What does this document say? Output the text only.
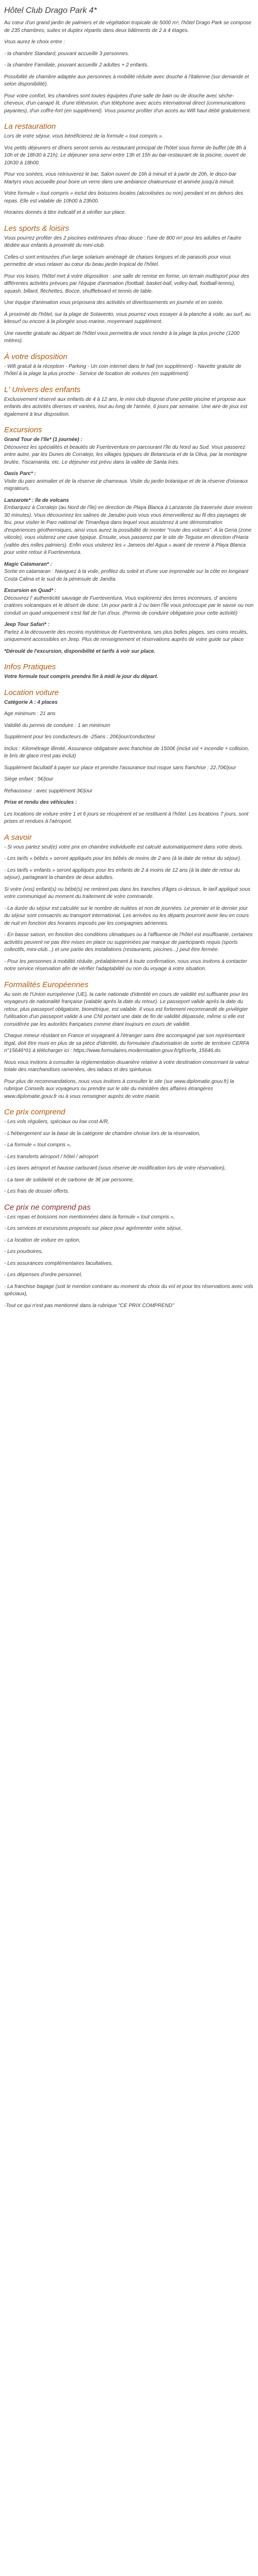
Hôtel Club Drago Park 4*

Au cœur d'un grand jardin de palmiers et de végétation tropicale de 5000 m², l'hôtel Drago Park se compose de 235 chambres, suites et duplex répartis dans deux bâtiments de 2 à 4 étages.

Vous aurez le choix entre :

- la chambre Standard, pouvant accueillir 3 personnes.

- la chambre Familiale, pouvant accueillir 2 adultes + 2 enfants.

Possibilité de chambre adaptée aux personnes à mobilité réduite avec douche à l'italienne (sur demande et selon disponibilité).

Pour votre confort, les chambres sont toutes équipées d'une salle de bain ou de douche avec sèche-cheveux, d'un canapé lit, d'une télévision, d'un téléphone avec accès international direct (communications payantes), d'un coffre-fort (en supplément). Vous pourrez profiter d'un accès au Wifi haut débit gratuitement.

La restauration

Lors de votre séjour, vous bénéficierez de la formule « tout compris ».

Vos petits déjeuners et dîners seront servis au restaurant principal de l'hôtel sous forme de buffet (de 8h à 10h et de 18h30 à 21h). Le déjeuner sera servi entre 13h et 15h au bar-restaurant de la piscine, ouvert de 10h30 à 18h00.

Pour vos soirées, vous retrouverez le bar, Salon ouvert de 16h à minuit et à partir de 20h, le disco-bar Martyrs vous accueille pour boire un verre dans une ambiance chaleureuse et animée jusqu'à minuit.

Votre formule « tout compris » inclut des boissons locales (alcoolisées ou non) pendant et en dehors des repas. Elle est valable de 10h00 à 23h00.

Horaires donnés à titre indicatif et à vérifier sur place.

Les sports & loisirs

Vous pourrez profiter des 2 piscines extérieures d'eau douce : l'une de 800 m² pour les adultes et l'autre dédiée aux enfants à proximité du mini-club.

Celles-ci sont entourées d'un large solarium aménagé de chaises longues et de parasols pour vous permettre de vous relaxer au cœur du beau jardin tropical de l'hôtel.

Pour vos loisirs, l'hôtel met à votre disposition : une salle de remise en forme, un terrain multisport pour des différentes activités prévues par l'équipe d'animation (football, basket-ball, volley-ball, football-tennis), squash, billard, fléchettes, Bocce, shuffleboard et tennis de table.

Une équipe d'animation vous proposera des activités et divertissements en journée et en soirée.

À proximité de l'hôtel, sur la plage de Sotavento, vous pourrez vous essayer à la planche à voile, au surf, au kitesurf ou encore à la plongée sous-marine, moyennant supplément.

Une navette gratuite au départ de l'hôtel vous permettra de vous rendre à la plage la plus proche (1200 mètres).

À votre disposition

- Wifi gratuit à la réception - Parking - Un coin internet dans le hall (en supplément) - Navette gratuite de l'hôtel à la plage la plus proche - Service de location de voitures (en supplément)

L' Univers des enfants

Exclusivement réservé aux enfants de 4 à 12 ans, le mini club dispose d'une petite piscine et propose aux enfants des activités diverses et variées, tout au long de l'année, 6 jours par semaine. Une aire de jeux est également à leur disposition.

Excursions

Grand Tour de l'île* (1 journée) :
Découvrez les spécialités et beautés de Fuerteventura en parcourant l'île du Nord au Sud. Vous passerez entre autre, par les Dunes de Corralejo, les villages typiques de Betancuria et de la Oliva, par la montagne brulée, Tiscamanita, etc. Le déjeuner est prévu dans la vallée de Santa Inès.

Oasis Parc* :
Visite du parc animalier et de la réserve de chameaux. Visite du jardin botanique et de la réserve d'oiseaux migrateurs.

Lanzarote* : île de volcans
Embarquez à Corralejo (au Nord de l'île) en direction de Playa Blanca à Lanzarote (la traversée dure environ 30 minutes). Vous découvrirez les salines de Janubio puis vous vous émerveillerez au fil des paysages de feu, pour visiter le Parc national de Timanfaya dans lequel vous assisterez à une démonstration d'expériences géothermiques, ainsi vous aurez la possibilité de monter "route des volcans". À la Geria (zone viticole), vous visiterez une cave typique. Ensuite, vous passerez par le site de Teguise en direction d'Haria (vallée des milles palmiers). Enfin vous visiterez les « Jameos del Agua » avant de revenir à Playa Blanca pour votre retour à Fuerteventura.

Magic Catamaran* :
Sortie en catamaran : Naviguez à la voile, profitez du soleil et d'une vue imprenable sur la côte en longeant Costa Calma et le sud de la péninsule de Jandía.

Excursion en Quad* :
Découvrez l' authenticité sauvage de Fuerteventura. Vous explorerez des terres inconnues, d' anciens cratères volcaniques et le désert de dune. Un pour partir à 2 ou bien l'Île vous préoccupe par le savoir ou non conduit un quad uniquement s'est fait de l'un d'eux. (Permis de conduire obligatoire pour cette activité)

Jeep Tour Safari* :
Partez à la découverte des recoins mystérieux de Fuerteventura, ses plus belles plages, ses coins reculés, uniquement accessibles en Jeep. Plus de renseignement et réservations auprès de votre guide sur place

*Déroulé de l'excursion, disponibilité et tarifs à voir sur place.

Infos Pratiques

Votre formule tout compris prendra fin à midi le jour du départ.

Location voiture

Catégorie A : 4 places

Age minimum : 21 ans

Validité du permis de conduire : 1 an minimum

Supplément pour les conducteurs de -25ans : 20€/jour/conducteur

Inclus : Kilométrage illimité, Assurance obligatoire avec franchise de 1500€ (inclut vol + incendie + collision, le bris de glace n'est pas inclut)

Supplément facultatif à payer sur place et prendre l'assurance tout risque sans franchise : 22,70€/jour

Siège enfant : 5€/jour

Rehausseur : avec supplément 3€/jour

Prise et rendu des véhicules :

Les locations de voiture entre 1 et 6 jours se récupèrent et se restituent à l'hôtel. Les locations 7 jours, sont prises et rendues à l'aéroport.

A savoir

- Si vous partez seul(e) votre prix en chambre individuelle est calculé automatiquement dans votre devis.

- Les tarifs « bébés » seront appliqués pour les bébés de moins de 2 ans (à la date de retour du séjour).

- Les tarifs « enfants » seront appliqués pour les enfants de 2 à moins de 12 ans (à la date de retour du séjour), partageant la chambre de deux adultes.

Si votre (vos) enfant(s) ou bébé(s) ne rentrent pas dans les tranches d'âges ci-dessus, le tarif appliqué sous votre communiqué au moment du traitement de votre commande.

- La durée du séjour est calculée sur le nombre de nuitées et non de journées. Le premier et le dernier jour du séjour sont consacrés au transport international. Les arrivées ou les départs pourront avoir lieu en cours de nuit en fonction des horaires imposés par les compagnies aériennes.

- En basse saison, en fonction des conditions climatiques ou à l'affluence de l'hôtel est insuffisante, certaines activités peuvent ne pas être mises en place ou supprimées par manque de participants requis (sports collectifs, mini-club...) et une partie des installations (restaurants, piscines...) peut être fermée.

- Pour les personnes à mobilité réduite, préalablement à toute confirmation, nous vous invitons à contacter notre service réservation afin de vérifier l'adaptabilité ou non du voyage à votre situation.

Formalités Européennes

Au sein de l'Union européenne (UE), la carte nationale d'identité en cours de validité est suffisante pour les voyageurs de nationalité française (valable après la date du retour). Le passeport valide après la date du retour, plus passeport obligatoire, biométrique, est valable. Il vous est fortement recommandé de privilégier l'utilisation d'un passeport valide à une CNI portant une date de fin de validité dépassée, même si elle est considérée par les autorités françaises comme étant toujours en cours de validité.

Chaque mineur résidant en France et voyageant à l'étranger sans être accompagné par son représentant légal, doit être muni en plus de sa pièce d'identité, du formulaire d'autorisation de sortie de territoire CERFA n°15646*01 à télécharger ici : https://www.formulaires.modernisation.gouv.fr/gf/cerfa_15646.do.

Nous vous invitons à consulter la réglementation douanière relative à votre destination concernant la valeur totale des marchandises ramenées, des tabacs et des spiritueux.

Pour plus de recommandations, nous vous invitons à consulter le site (sur www.diplomatie.gouv.fr) la rubrique Conseils aux voyageurs ou prendre sur le site du ministère des affaires étrangères www.diplomatie.gouv.fr ou à vous renseigner auprès de votre mairie.

Ce prix comprend

- Les vols réguliers, spéciaux ou low cost A/R,

- L'hébergement sur la base de la catégorie de chambre choisie lors de la réservation,

- La formule « tout compris »,

- Les transferts aéroport / hôtel / aéroport

- Les taxes aéroport et hausse carburant (sous réserve de modification lors de votre réservation),

- La taxe de solidarité et de carbone de 3€ par personne,

- Les frais de dossier offerts.

Ce prix ne comprend pas

- Les repas et boissons non mentionnées dans la formule « tout compris »,

- Les services et excursions proposés sur place pour agrémenter votre séjour,

- La location de voiture en option,

- Les pourboires,

- Les assurances complémentaires facultatives,

- Les dépenses d'ordre personnel,

- La franchise bagage (soit le mention contraire au moment du choix du vol et pour les réservations avec vols spéciaux),

-Tout ce qui n'est pas mentionné dans la rubrique "CE PRIX COMPREND"
